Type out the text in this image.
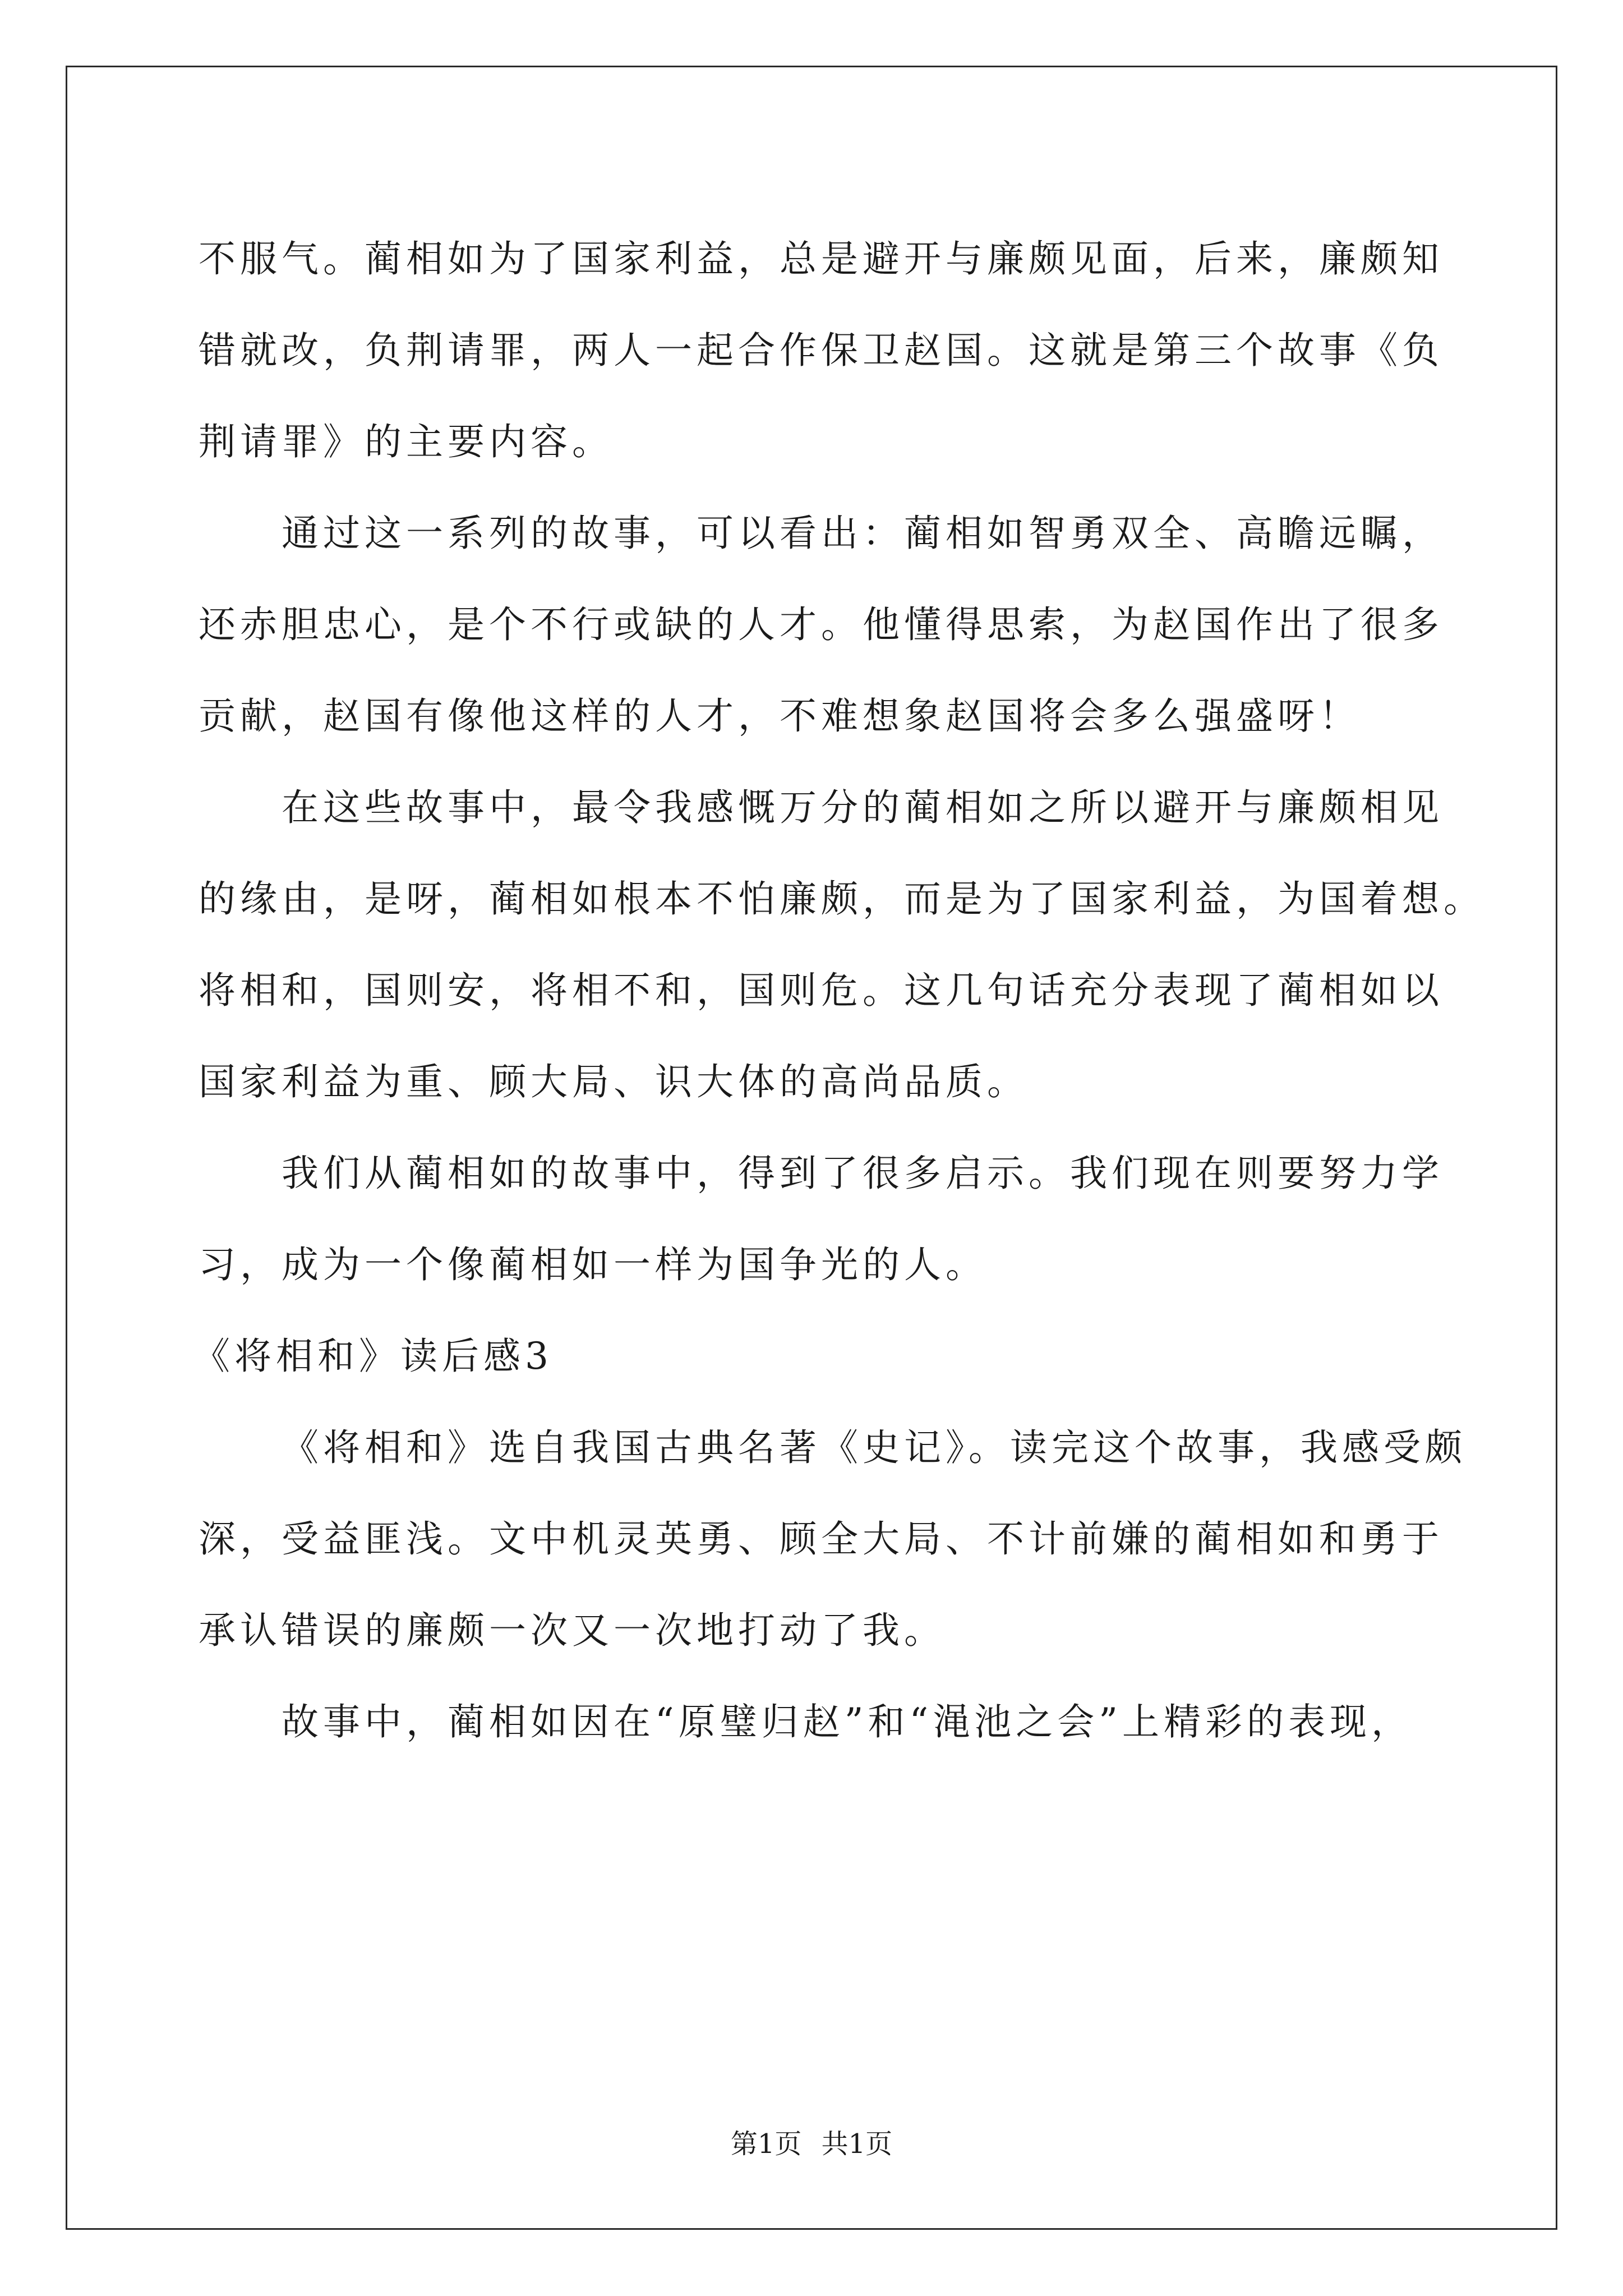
不服气。蔺相如为了国家利益，总是避开与廉颇见面，后来，廉颇知
错就改，负荆请罪，两人一起合作保卫赵国。这就是第三个故事《负
荆请罪》的主要内容。
通过这一系列的故事，可以看出：蔺相如智勇双全、高瞻远瞩，
还赤胆忠心，是个不行或缺的人才。他懂得思索，为赵国作出了很多
贡献，赵国有像他这样的人才，不难想象赵国将会多么强盛呀！
在这些故事中，最令我感慨万分的蔺相如之所以避开与廉颇相见
的缘由，是呀，蔺相如根本不怕廉颇，而是为了国家利益，为国着想。
将相和，国则安，将相不和，国则危。这几句话充分表现了蔺相如以
国家利益为重、顾大局、识大体的高尚品质。
我们从蔺相如的故事中，得到了很多启示。我们现在则要努力学
习，成为一个像蔺相如一样为国争光的人。
《将相和》读后感3
《将相和》选自我国古典名著《史记》。读完这个故事，我感受颇
深，受益匪浅。文中机灵英勇、顾全大局、不计前嫌的蔺相如和勇于
承认错误的廉颇一次又一次地打动了我。
故事中，蔺相如因在“原璧归赵”和“渑池之会”上精彩的表现，
第1页 共1页
